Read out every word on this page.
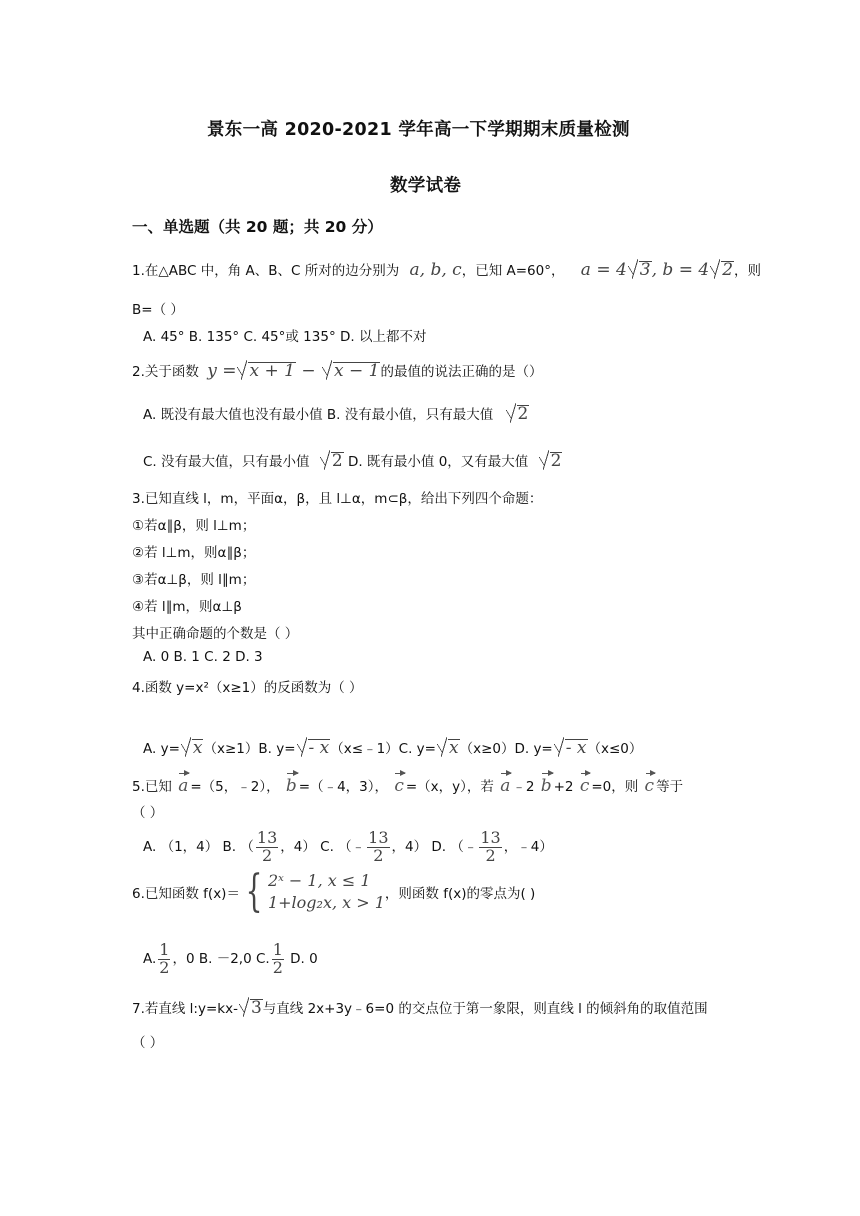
景东一高 2020-2021 学年高一下学期期末质量检测
数学试卷
一、单选题（共 20 题；共 20 分）
1.在△ABC 中，角 A、B、C 所对的边分别为 a, b, c，已知 A=60°， a = 4 3, b = 4 2，则
B=（ ）
A. 45° B. 135° C. 45°或 135° D. 以上都不对
2.关于函数 y = x + 1 − x − 1的最值的说法正确的是（）
A. 既没有最大值也没有最小值 B. 没有最小值，只有最大值 2
C. 没有最大值，只有最小值 2 D. 既有最小值 0，又有最大值 2
3.已知直线 l，m，平面α，β，且 l⊥α，m⊂β，给出下列四个命题：
①若α∥β，则 l⊥m；
②若 l⊥m，则α∥β；
③若α⊥β，则 l∥m；
④若 l∥m，则α⊥β
其中正确命题的个数是（ ）
A. 0 B. 1 C. 2 D. 3
4.函数 y=x²（x≥1）的反函数为（ ）
A. y= x（x≥1）B. y= - x（x≤﹣1）C. y= x（x≥0）D. y= - x（x≤0）
5.已知 a =（5，﹣2）， b =（﹣4，3）， c =（x，y），若 a ﹣2 b +2 c =0，则 c 等于
（ ）
A. （1，4） B. （ $\frac{13}{2}$ ，4） C. （﹣ $\frac{13}{2}$ ，4） D. （﹣ $\frac{13}{2}$ ，﹣4）
6.已知函数 f(x)＝ { 2ˣ − 1, x ≤ 1
1+log₂x, x > 1 ，则函数 f(x)的零点为( )
A. $\frac{1}{2}$ ，0 B. －2,0 C. $\frac{1}{2} D$. 0
7.若直线 l:y=kx- 3与直线 2x+3y﹣6=0 的交点位于第一象限，则直线 l 的倾斜角的取值范围
（ ）
